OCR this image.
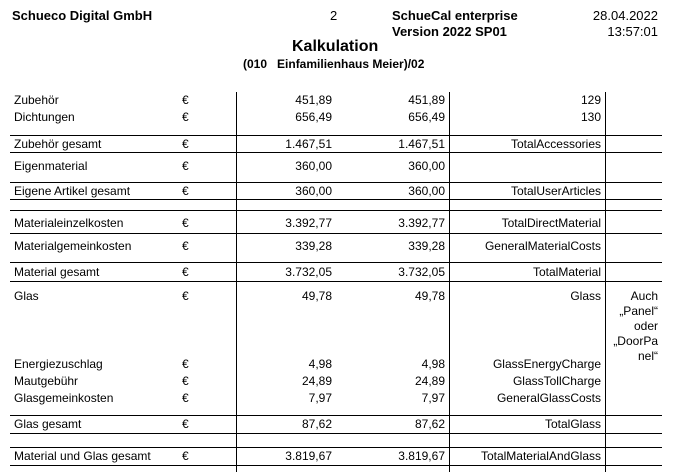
Schueco Digital GmbH	2	SchueCal enterprise
Version 2022 SP01
28.04.2022
13:57:01
Kalkulation
(010   Einfamilienhaus Meier)/02
Zubehör	€	451,89	451,89	129
Dichtungen	€	656,49	656,49	130
Zubehör gesamt	€	1.467,51	1.467,51	TotalAccessories
Eigenmaterial	€	360,00	360,00
Eigene Artikel gesamt	€	360,00	360,00	TotalUserArticles
Materialeinzelkosten	€	3.392,77	3.392,77	TotalDirectMaterial
Materialgemeinkosten	€	339,28	339,28	GeneralMaterialCosts
Material gesamt	€	3.732,05	3.732,05	TotalMaterial
Glas	€	49,78	49,78	Glass	Auch
„Panel“
oder
„DoorPa
nel“
Energiezuschlag	€	4,98	4,98	GlassEnergyCharge
Mautgebühr	€	24,89	24,89	GlassTollCharge
Glasgemeinkosten	€	7,97	7,97	GeneralGlassCosts
Glas gesamt	€	87,62	87,62	TotalGlass
Material und Glas gesamt	€	3.819,67	3.819,67	TotalMaterialAndGlass
